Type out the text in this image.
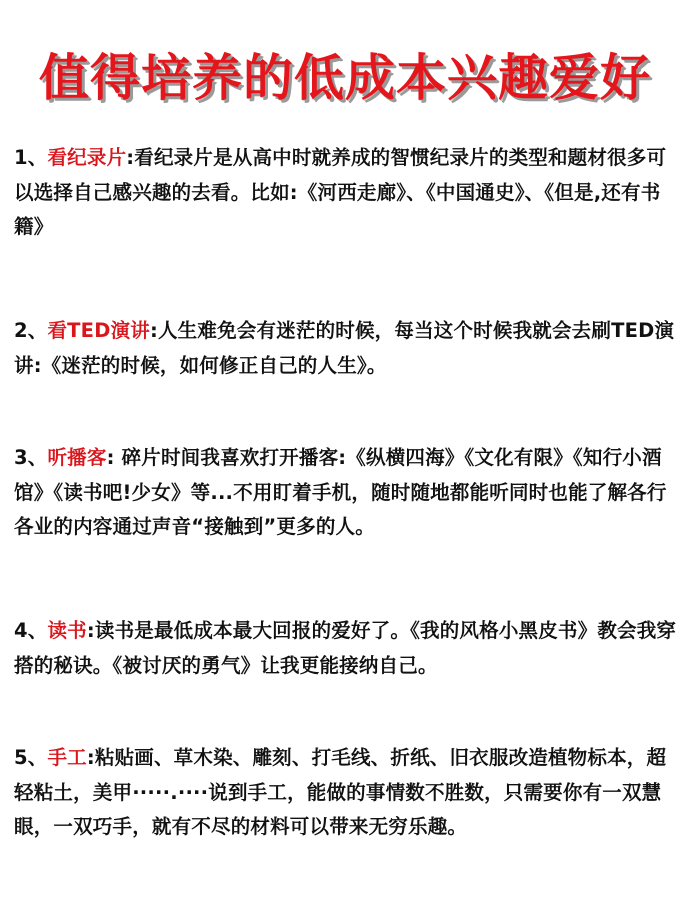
值得培养的低成本兴趣爱好
1、看纪录片:看纪录片是从高中时就养成的智惯纪录片的类型和题材很多可以选择自己感兴趣的去看。比如:《河西走廊》、《中国通史》、《但是,还有书籍》
2、看TED演讲:人生难免会有迷茫的时候，每当这个时候我就会去刷TED演讲:《迷茫的时候，如何修正自己的人生》。
3、听播客: 碎片时间我喜欢打开播客:《纵横四海》《文化有限》《知行小酒馆》《读书吧!少女》等...不用盯着手机，随时随地都能听同时也能了解各行各业的内容通过声音“接触到”更多的人。
4、读书:读书是最低成本最大回报的爱好了。《我的风格小黑皮书》教会我穿搭的秘诀。《被讨厌的勇气》让我更能接纳自己。
5、手工:粘贴画、草木染、雕刻、打毛线、折纸、旧衣服改造植物标本，超轻粘土，美甲·····.····说到手工，能做的事情数不胜数，只需要你有一双慧眼，一双巧手，就有不尽的材料可以带来无穷乐趣。
